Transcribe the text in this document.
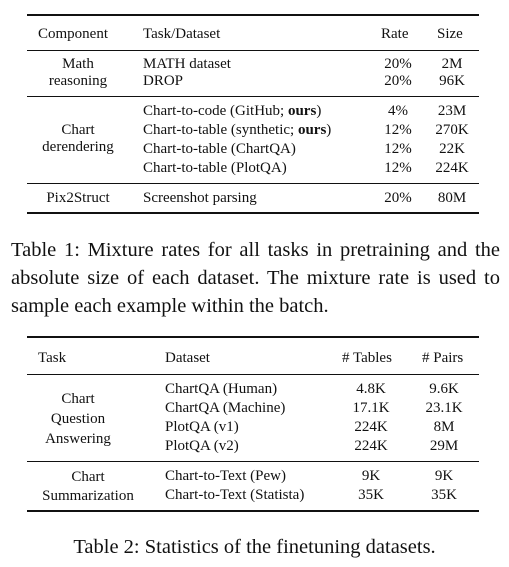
Component Task/Dataset	Rate Size
Math
reasoning
MATH dataset	20%	2M
DROP	20%	96K
Chart
derendering
Chart-to-code (GitHub; ours)	4%	23M
Chart-to-table (synthetic; ours)	12%	270K
Chart-to-table (ChartQA)	12%	22K
Chart-to-table (PlotQA)	12%	224K
Pix2Struct	Screenshot parsing	20%	80M
Table 1: Mixture rates for all tasks in pretraining and the absolute size of each dataset. The mixture rate is used to sample each example within the batch.
Task	Dataset	# Tables # Pairs
Chart
Question
Answering
ChartQA (Human)	4.8K	9.6K
ChartQA (Machine)	17.1K	23.1K
PlotQA (v1)	224K	8M
PlotQA (v2)	224K	29M
Chart
Summarization
Chart-to-Text (Pew)	9K	9K
Chart-to-Text (Statista)	35K	35K
Table 2: Statistics of the finetuning datasets.
